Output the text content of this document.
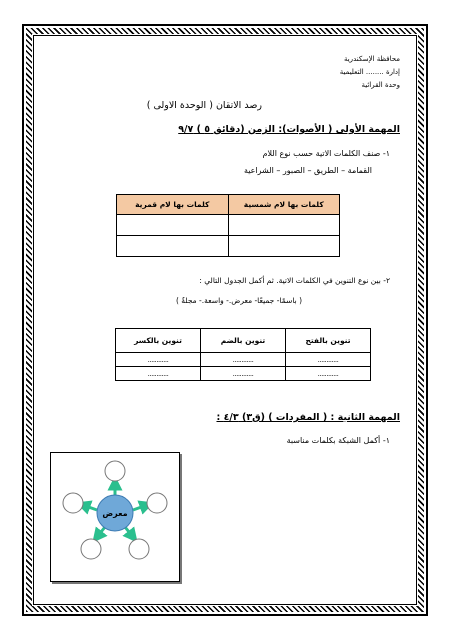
محافظة الإسكندرية
إدارة ........ التعليمية
وحدة القرائية
رصد الاتقان ( الوحدة الاولى )
المهمة الأولى ( الأصوات): الزمن (دقائق ٥ ) ٩/٧
١- صنف الكلمات الاتية حسب نوع اللام
القمامة – الطريق – الصبور – الشراعية
كلمات بها لام شمسية	كلمات بها لام قمرية

٢- بين نوع التنوين في الكلمات الاتية. ثم أكمل الجدول التالي :
( باسمًا- جميعًا- معرض.- واسعة.- مجلةٌ )
تنوين بالفتح	تنوين بالضم	تنوين بالكسر
............	............	............
............	............	............
المهمة الثانية : ( المفردات ) (ق٣) ٤/٣ :
١- أكمل الشبكة بكلمات مناسبة
معرض
